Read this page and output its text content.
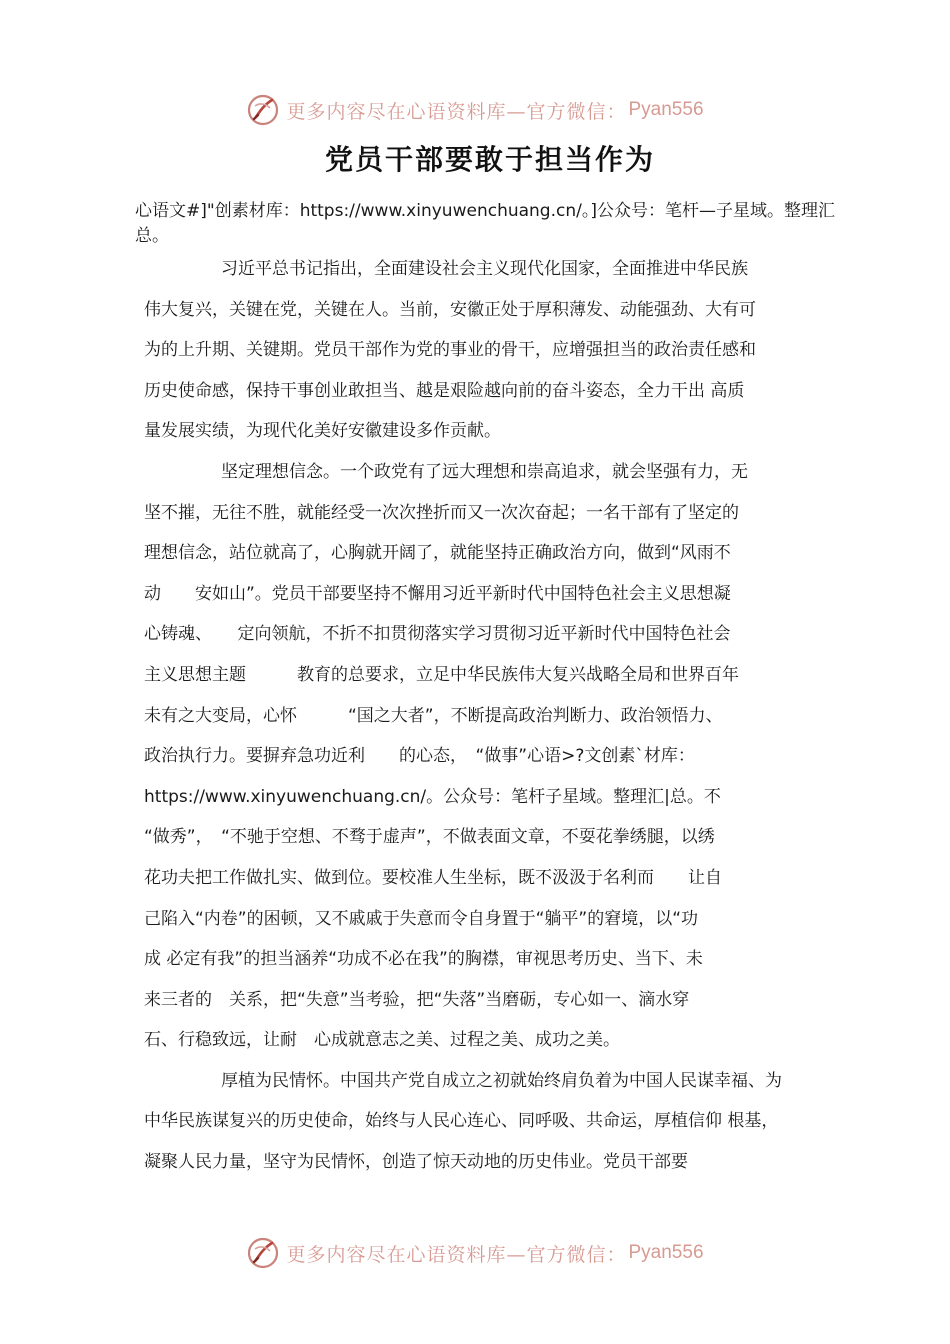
更多内容尽在心语资料库—官方微信： Pyan556
党员干部要敢于担当作为
心语文#]"创素材库：https://www.xinyuwenchuang.cn/。]公众号：笔杆—子星域。整理汇总。
习近平总书记指出，全面建设社会主义现代化国家，全面推进中华民族
伟大复兴，关键在党，关键在人。当前，安徽正处于厚积薄发、动能强劲、大有可
为的上升期、关键期。党员干部作为党的事业的骨干，应增强担当的政治责任感和
历史使命感，保持干事创业敢担当、越是艰险越向前的奋斗姿态，全力干出 高质
量发展实绩，为现代化美好安徽建设多作贡献。
坚定理想信念。一个政党有了远大理想和崇高追求，就会坚强有力，无
坚不摧，无往不胜，就能经受一次次挫折而又一次次奋起；一名干部有了坚定的
理想信念，站位就高了，心胸就开阔了，就能坚持正确政治方向，做到“风雨不
动　　安如山”。党员干部要坚持不懈用习近平新时代中国特色社会主义思想凝
心铸魂、　　定向领航，不折不扣贯彻落实学习贯彻习近平新时代中国特色社会
主义思想主题　　　教育的总要求，立足中华民族伟大复兴战略全局和世界百年
未有之大变局，心怀　　　“国之大者”，不断提高政治判断力、政治领悟力、
政治执行力。要摒弃急功近利　　的心态，　“做事”心语>?文创素`材库：
https://www.xinyuwenchuang.cn/。公众号：笔杆子星域。整理汇|总。不
“做秀”，　“不驰于空想、不骛于虚声”，不做表面文章，不耍花拳绣腿，以绣
花功夫把工作做扎实、做到位。要校准人生坐标，既不汲汲于名利而　　让自
己陷入“内卷”的困顿，又不戚戚于失意而令自身置于“躺平”的窘境，以“功
成 必定有我”的担当涵养“功成不必在我”的胸襟，审视思考历史、当下、未
来三者的　关系，把“失意”当考验，把“失落”当磨砺，专心如一、滴水穿
石、行稳致远，让耐　心成就意志之美、过程之美、成功之美。
厚植为民情怀。中国共产党自成立之初就始终肩负着为中国人民谋幸福、为
中华民族谋复兴的历史使命，始终与人民心连心、同呼吸、共命运，厚植信仰 根基，
凝聚人民力量，坚守为民情怀，创造了惊天动地的历史伟业。党员干部要
更多内容尽在心语资料库—官方微信： Pyan556
